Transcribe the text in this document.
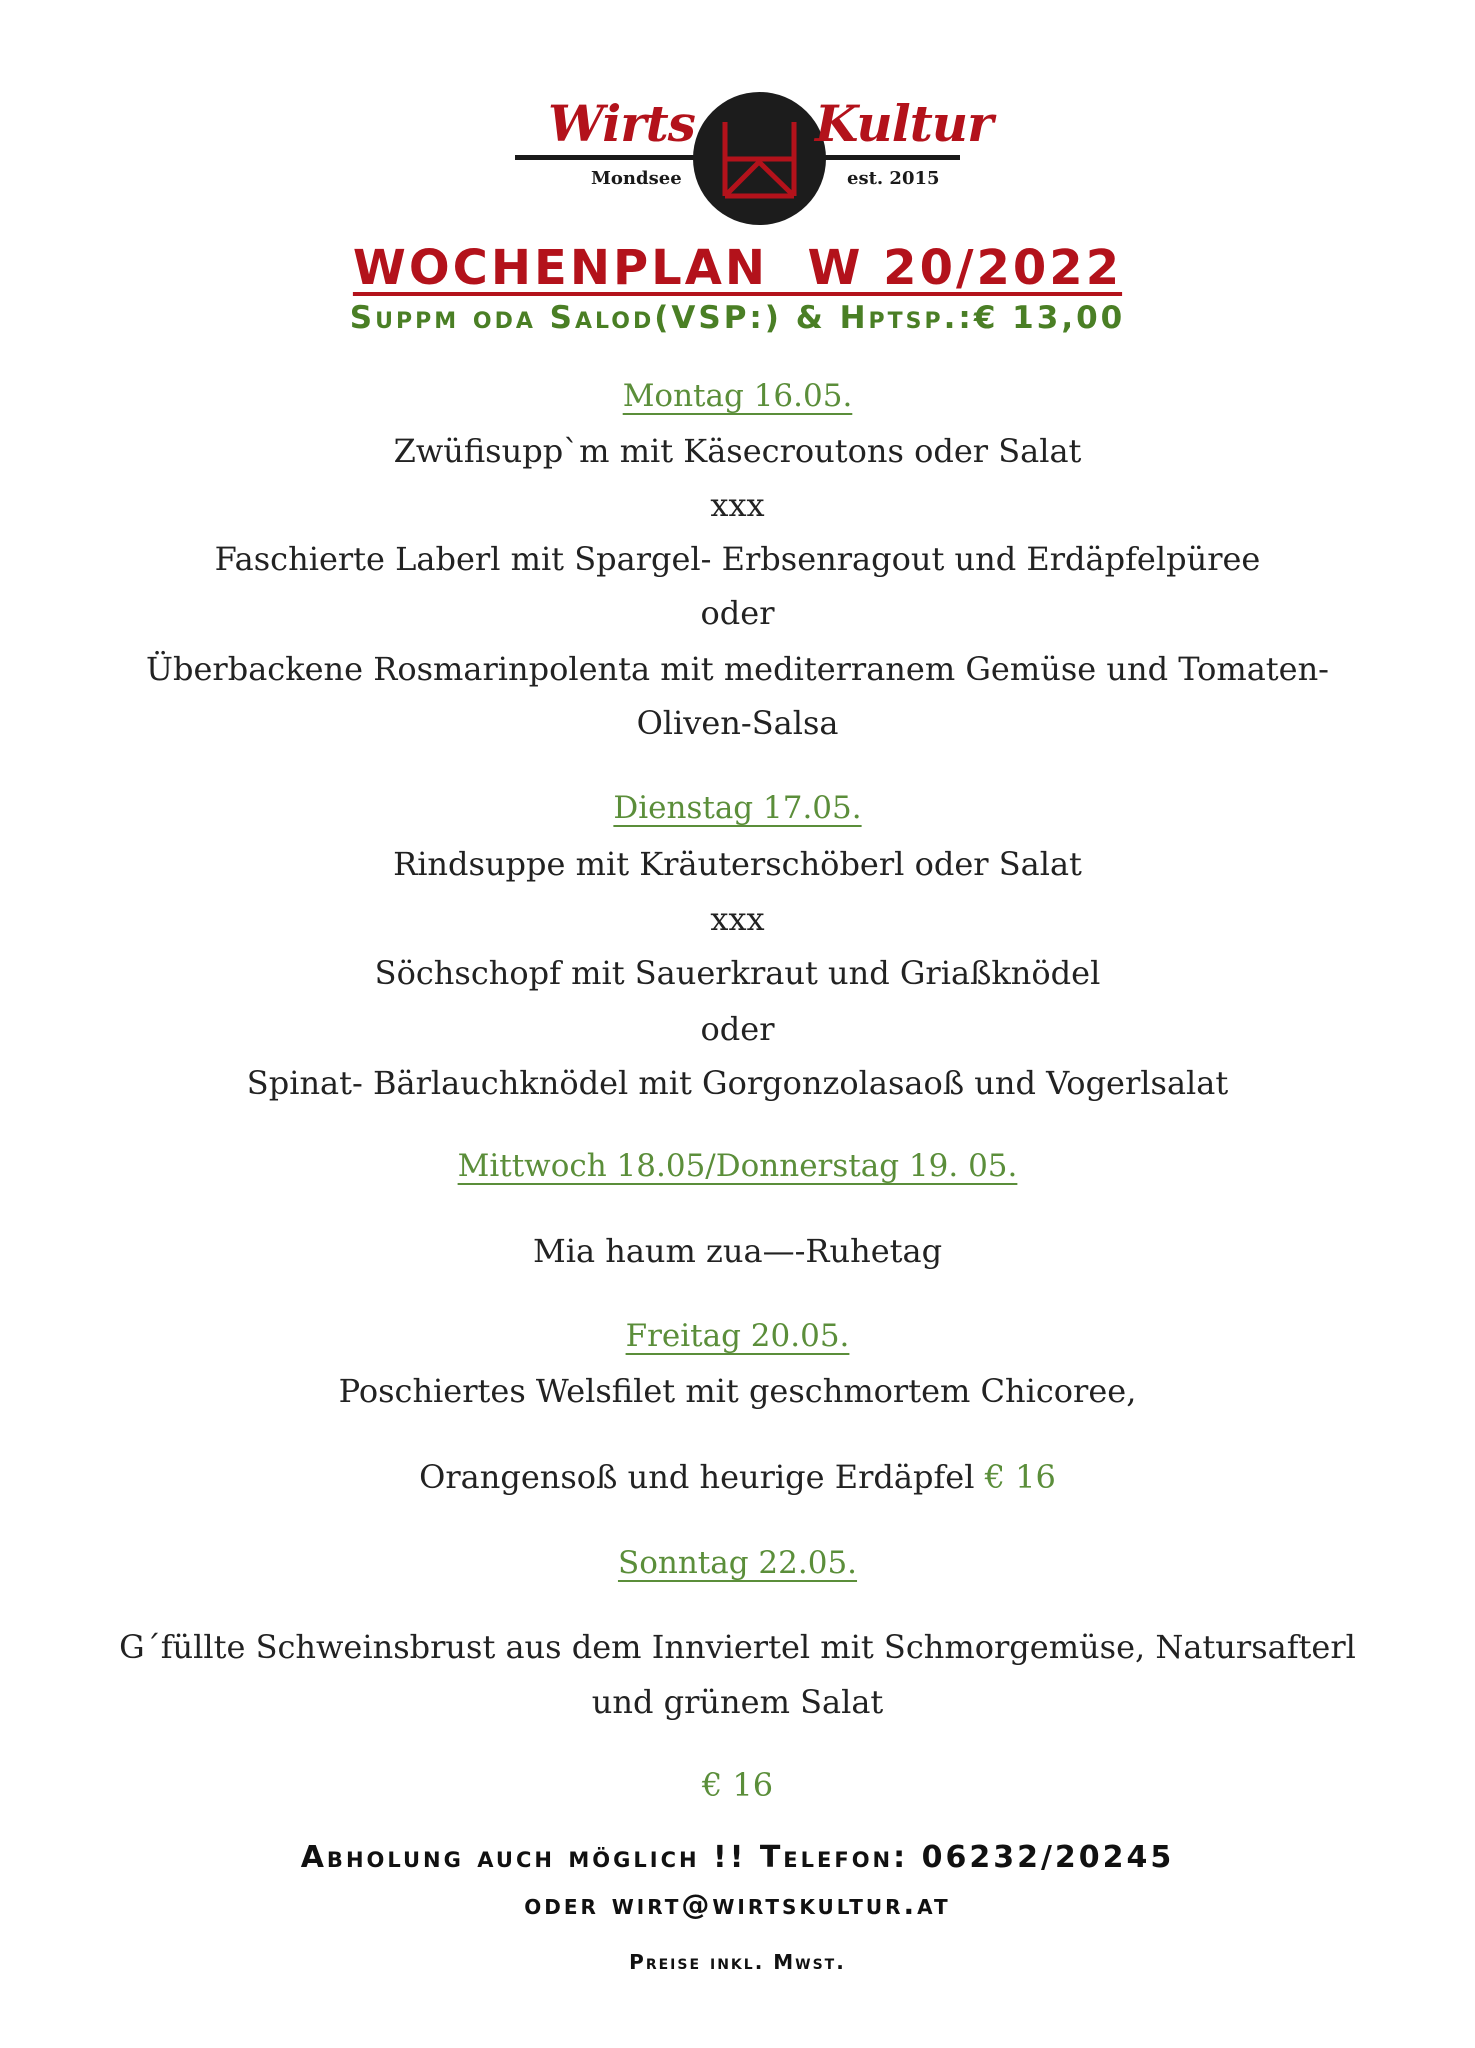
Wirts Kultur
Mondsee	est. 2015
WOCHENPLAN  W 20/2022
Suppm oda Salod(VSP:) & Hptsp.:€ 13,00
Montag 16.05.
Zwüfisupp`m mit Käsecroutons oder Salat
xxx
Faschierte Laberl mit Spargel- Erbsenragout und Erdäpfelpüree
oder
Überbackene Rosmarinpolenta mit mediterranem Gemüse und Tomaten-
Oliven-Salsa
Dienstag 17.05.
Rindsuppe mit Kräuterschöberl oder Salat
xxx
Söchschopf mit Sauerkraut und Griaßknödel
oder
Spinat- Bärlauchknödel mit Gorgonzolasaoß und Vogerlsalat
Mittwoch 18.05/Donnerstag 19. 05.
Mia haum zua—-Ruhetag
Freitag 20.05.
Poschiertes Welsfilet mit geschmortem Chicoree,
Orangensoß und heurige Erdäpfel € 16
Sonntag 22.05.
G´füllte Schweinsbrust aus dem Innviertel mit Schmorgemüse, Natursafterl
und grünem Salat
€ 16
Abholung auch möglich !! Telefon: 06232/20245
oder wirt@wirtskultur.at
Preise inkl. Mwst.
